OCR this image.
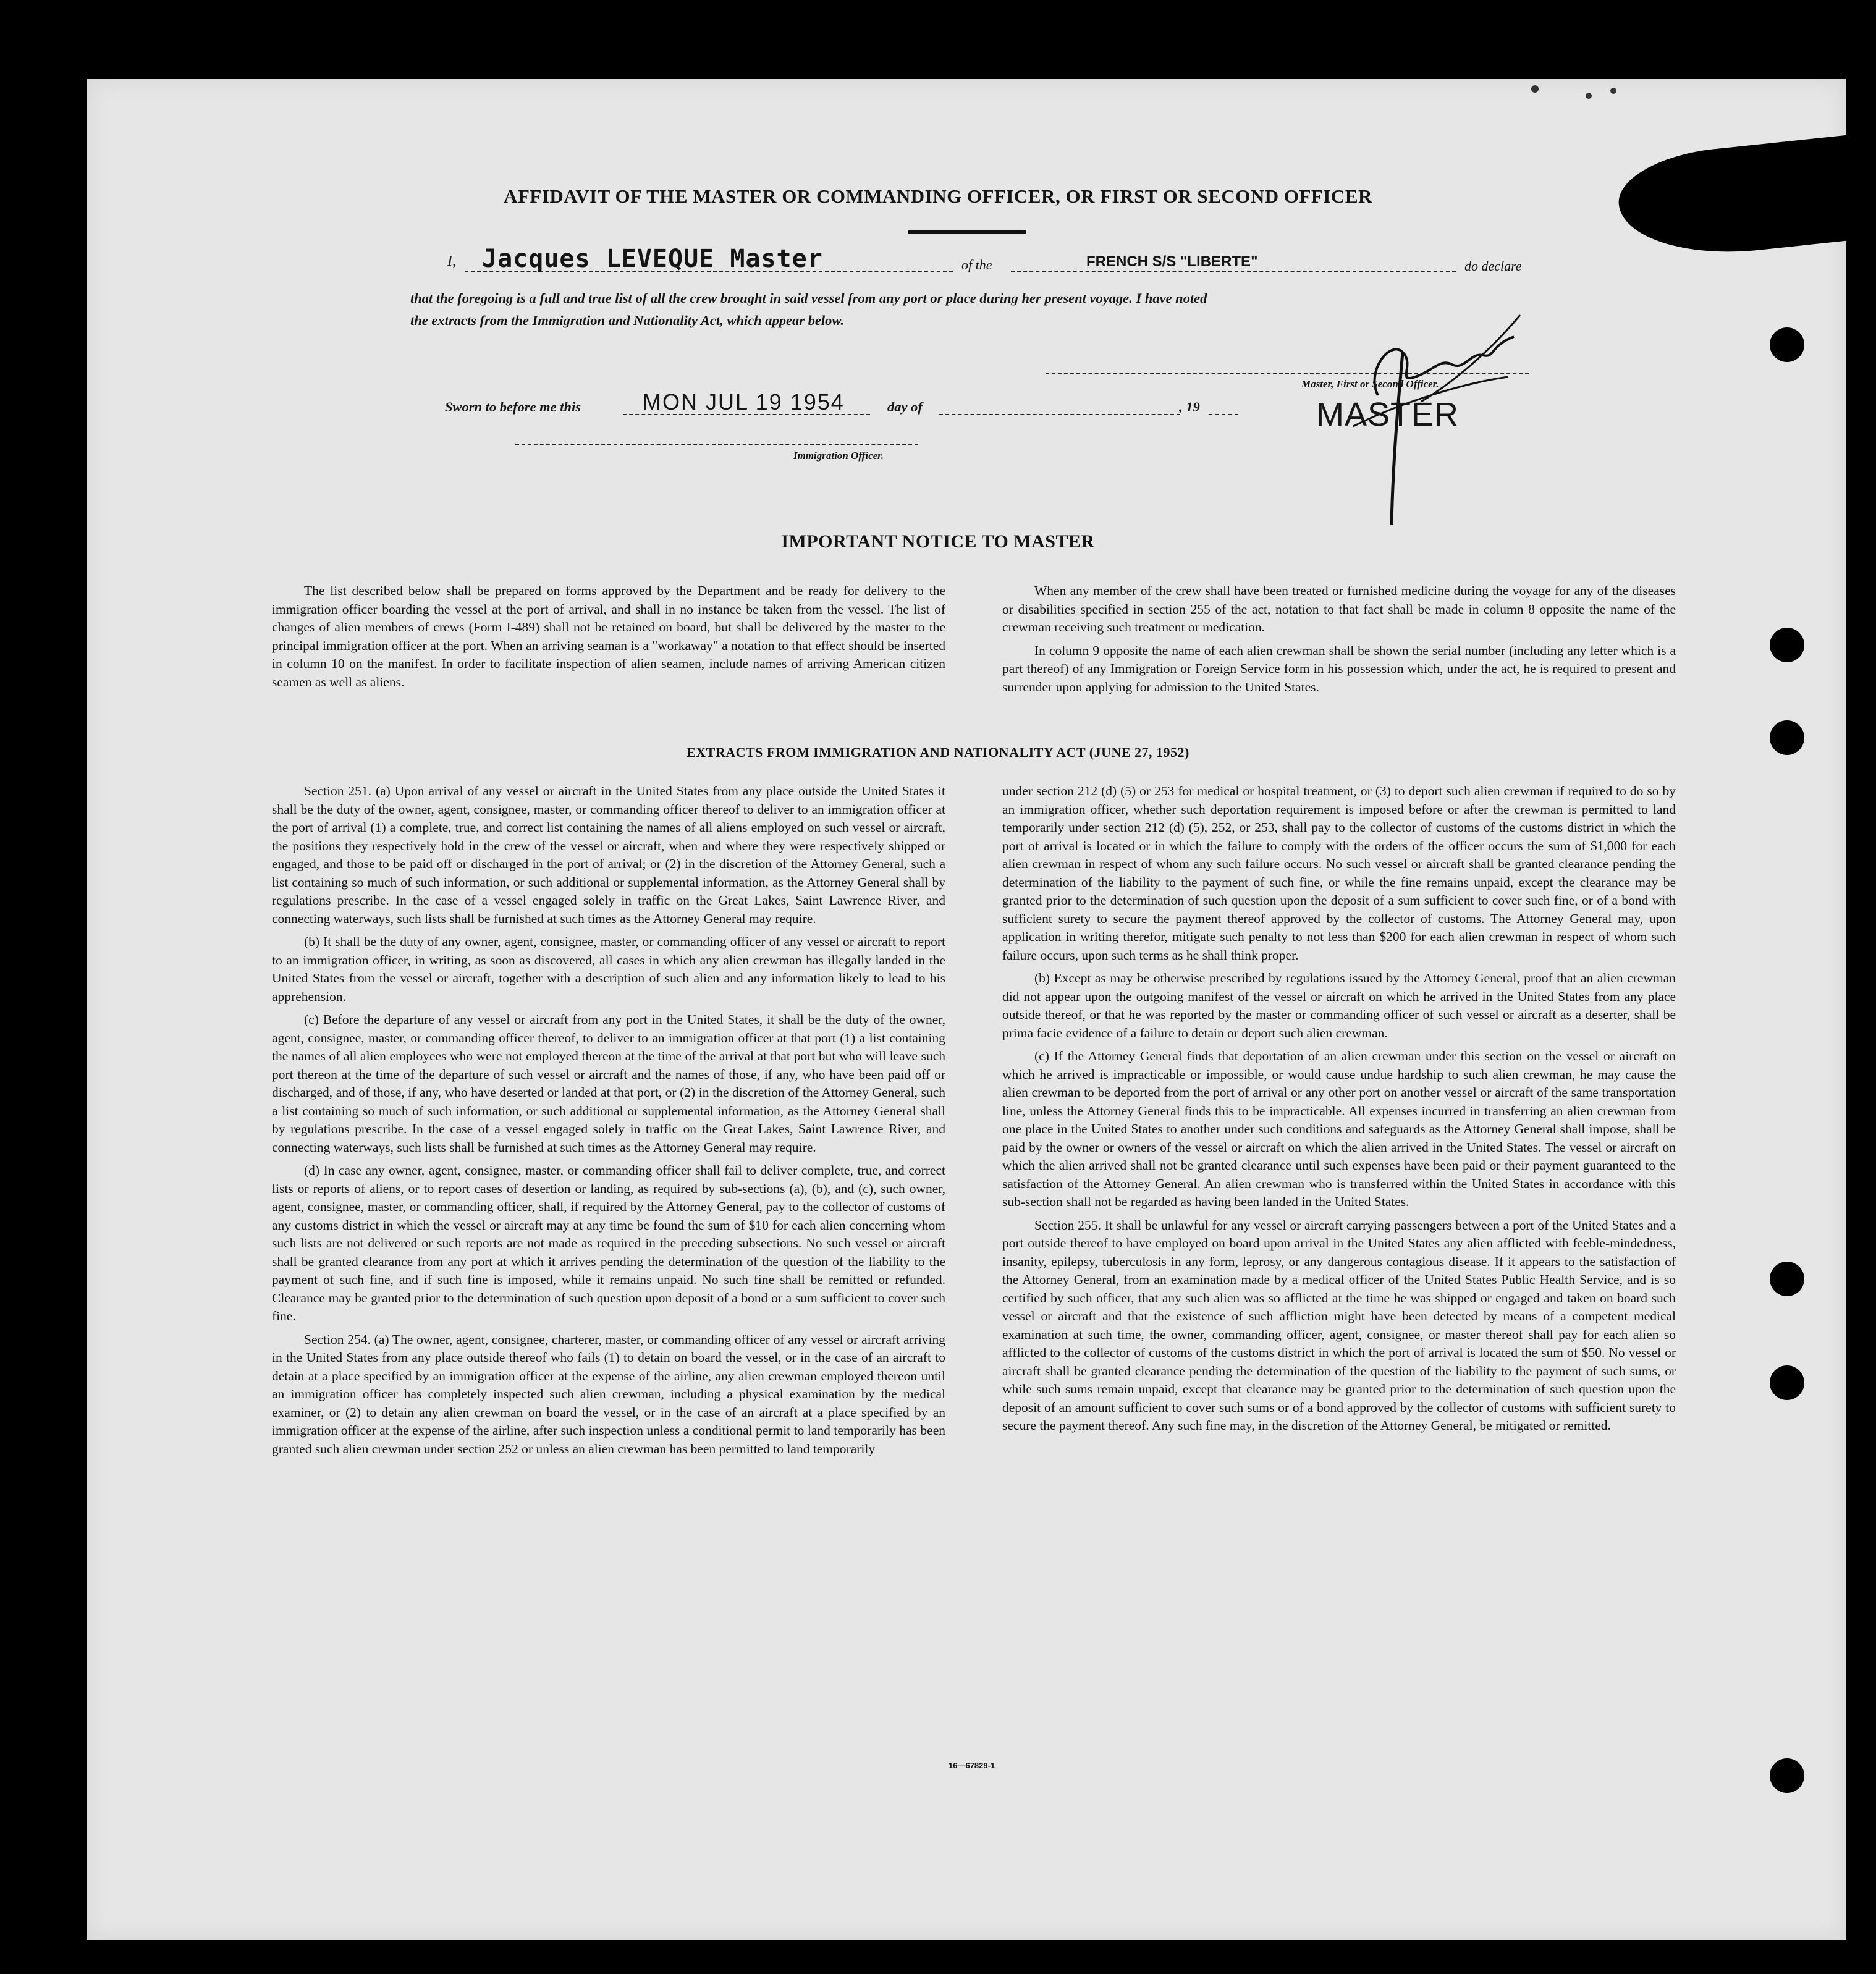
AFFIDAVIT OF THE MASTER OR COMMANDING OFFICER, OR FIRST OR SECOND OFFICER
I, Jacques LEVEQUE Master	of the	FRENCH S/S "LIBERTE"	do declare
that the foregoing is a full and true list of all the crew brought in said vessel from any port or place during her present voyage. I have noted
the extracts from the Immigration and Nationality Act, which appear below.
Master, First or Second Officer.
MASTER
Sworn to before me this	MON JUL 19 1954	day of	, 19
Immigration Officer.
IMPORTANT NOTICE TO MASTER

The list described below shall be prepared on forms approved by the Department and be ready for delivery to the immigration officer boarding the vessel at the port of arrival, and shall in no instance be taken from the vessel. The list of changes of alien members of crews (Form I-489) shall not be retained on board, but shall be delivered by the master to the principal immigration officer at the port. When an arriving seaman is a "workaway" a notation to that effect should be inserted in column 10 on the manifest. In order to facilitate inspection of alien seamen, include names of arriving American citizen seamen as well as aliens.

When any member of the crew shall have been treated or furnished medicine during the voyage for any of the diseases or disabilities specified in section 255 of the act, notation to that fact shall be made in column 8 opposite the name of the crewman receiving such treatment or medication.

In column 9 opposite the name of each alien crewman shall be shown the serial number (including any letter which is a part thereof) of any Immigration or Foreign Service form in his possession which, under the act, he is required to present and surrender upon applying for admission to the United States.

EXTRACTS FROM IMMIGRATION AND NATIONALITY ACT (JUNE 27, 1952)

Section 251. (a) Upon arrival of any vessel or aircraft in the United States from any place outside the United States it shall be the duty of the owner, agent, consignee, master, or commanding officer thereof to deliver to an immigration officer at the port of arrival (1) a complete, true, and correct list containing the names of all aliens employed on such vessel or aircraft, the positions they respectively hold in the crew of the vessel or aircraft, when and where they were respectively shipped or engaged, and those to be paid off or discharged in the port of arrival; or (2) in the discretion of the Attorney General, such a list containing so much of such information, or such additional or supplemental information, as the Attorney General shall by regulations prescribe. In the case of a vessel engaged solely in traffic on the Great Lakes, Saint Lawrence River, and connecting waterways, such lists shall be furnished at such times as the Attorney General may require.

(b) It shall be the duty of any owner, agent, consignee, master, or commanding officer of any vessel or aircraft to report to an immigration officer, in writing, as soon as discovered, all cases in which any alien crewman has illegally landed in the United States from the vessel or aircraft, together with a description of such alien and any information likely to lead to his apprehension.

(c) Before the departure of any vessel or aircraft from any port in the United States, it shall be the duty of the owner, agent, consignee, master, or commanding officer thereof, to deliver to an immigration officer at that port (1) a list containing the names of all alien employees who were not employed thereon at the time of the arrival at that port but who will leave such port thereon at the time of the departure of such vessel or aircraft and the names of those, if any, who have been paid off or discharged, and of those, if any, who have deserted or landed at that port, or (2) in the discretion of the Attorney General, such a list containing so much of such information, or such additional or supplemental information, as the Attorney General shall by regulations prescribe. In the case of a vessel engaged solely in traffic on the Great Lakes, Saint Lawrence River, and connecting waterways, such lists shall be furnished at such times as the Attorney General may require.

(d) In case any owner, agent, consignee, master, or commanding officer shall fail to deliver complete, true, and correct lists or reports of aliens, or to report cases of desertion or landing, as required by sub-sections (a), (b), and (c), such owner, agent, consignee, master, or commanding officer, shall, if required by the Attorney General, pay to the collector of customs of any customs district in which the vessel or aircraft may at any time be found the sum of $10 for each alien concerning whom such lists are not delivered or such reports are not made as required in the preceding subsections. No such vessel or aircraft shall be granted clearance from any port at which it arrives pending the determination of the question of the liability to the payment of such fine, and if such fine is imposed, while it remains unpaid. No such fine shall be remitted or refunded. Clearance may be granted prior to the determination of such question upon deposit of a bond or a sum sufficient to cover such fine.

Section 254. (a) The owner, agent, consignee, charterer, master, or commanding officer of any vessel or aircraft arriving in the United States from any place outside thereof who fails (1) to detain on board the vessel, or in the case of an aircraft to detain at a place specified by an immigration officer at the expense of the airline, any alien crewman employed thereon until an immigration officer has completely inspected such alien crewman, including a physical examination by the medical examiner, or (2) to detain any alien crewman on board the vessel, or in the case of an aircraft at a place specified by an immigration officer at the expense of the airline, after such inspection unless a conditional permit to land temporarily has been granted such alien crewman under section 252 or unless an alien crewman has been permitted to land temporarily

under section 212 (d) (5) or 253 for medical or hospital treatment, or (3) to deport such alien crewman if required to do so by an immigration officer, whether such deportation requirement is imposed before or after the crewman is permitted to land temporarily under section 212 (d) (5), 252, or 253, shall pay to the collector of customs of the customs district in which the port of arrival is located or in which the failure to comply with the orders of the officer occurs the sum of $1,000 for each alien crewman in respect of whom any such failure occurs. No such vessel or aircraft shall be granted clearance pending the determination of the liability to the payment of such fine, or while the fine remains unpaid, except the clearance may be granted prior to the determination of such question upon the deposit of a sum sufficient to cover such fine, or of a bond with sufficient surety to secure the payment thereof approved by the collector of customs. The Attorney General may, upon application in writing therefor, mitigate such penalty to not less than $200 for each alien crewman in respect of whom such failure occurs, upon such terms as he shall think proper.

(b) Except as may be otherwise prescribed by regulations issued by the Attorney General, proof that an alien crewman did not appear upon the outgoing manifest of the vessel or aircraft on which he arrived in the United States from any place outside thereof, or that he was reported by the master or commanding officer of such vessel or aircraft as a deserter, shall be prima facie evidence of a failure to detain or deport such alien crewman.

(c) If the Attorney General finds that deportation of an alien crewman under this section on the vessel or aircraft on which he arrived is impracticable or impossible, or would cause undue hardship to such alien crewman, he may cause the alien crewman to be deported from the port of arrival or any other port on another vessel or aircraft of the same transportation line, unless the Attorney General finds this to be impracticable. All expenses incurred in transferring an alien crewman from one place in the United States to another under such conditions and safeguards as the Attorney General shall impose, shall be paid by the owner or owners of the vessel or aircraft on which the alien arrived in the United States. The vessel or aircraft on which the alien arrived shall not be granted clearance until such expenses have been paid or their payment guaranteed to the satisfaction of the Attorney General. An alien crewman who is transferred within the United States in accordance with this sub-section shall not be regarded as having been landed in the United States.

Section 255. It shall be unlawful for any vessel or aircraft carrying passengers between a port of the United States and a port outside thereof to have employed on board upon arrival in the United States any alien afflicted with feeble-mindedness, insanity, epilepsy, tuberculosis in any form, leprosy, or any dangerous contagious disease. If it appears to the satisfaction of the Attorney General, from an examination made by a medical officer of the United States Public Health Service, and is so certified by such officer, that any such alien was so afflicted at the time he was shipped or engaged and taken on board such vessel or aircraft and that the existence of such affliction might have been detected by means of a competent medical examination at such time, the owner, commanding officer, agent, consignee, or master thereof shall pay for each alien so afflicted to the collector of customs of the customs district in which the port of arrival is located the sum of $50. No vessel or aircraft shall be granted clearance pending the determination of the question of the liability to the payment of such sums, or while such sums remain unpaid, except that clearance may be granted prior to the determination of such question upon the deposit of an amount sufficient to cover such sums or of a bond approved by the collector of customs with sufficient surety to secure the payment thereof. Any such fine may, in the discretion of the Attorney General, be mitigated or remitted.

16—67829-1
